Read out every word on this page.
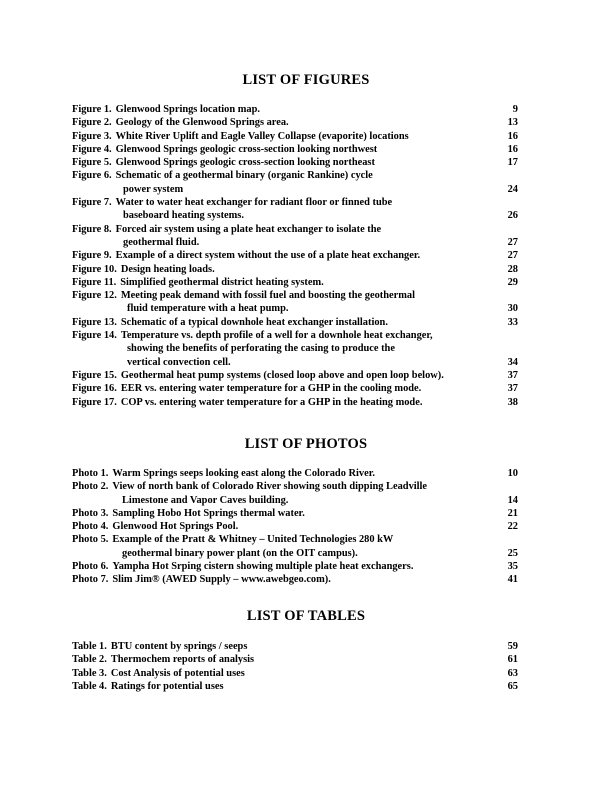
LIST OF FIGURES
Figure 1. Glenwood Springs location map.	9
Figure 2. Geology of the Glenwood Springs area.	13
Figure 3. White River Uplift and Eagle Valley Collapse (evaporite) locations	16
Figure 4. Glenwood Springs geologic cross-section looking northwest	16
Figure 5. Glenwood Springs geologic cross-section looking northeast	17
Figure 6. Schematic of a geothermal binary (organic Rankine) cycle
power system	24
Figure 7. Water to water heat exchanger for radiant floor or finned tube
baseboard heating systems.	26
Figure 8. Forced air system using a plate heat exchanger to isolate the
geothermal fluid.	27
Figure 9. Example of a direct system without the use of a plate heat exchanger.	27
Figure 10. Design heating loads.	28
Figure 11. Simplified geothermal district heating system.	29
Figure 12. Meeting peak demand with fossil fuel and boosting the geothermal
fluid temperature with a heat pump.	30
Figure 13. Schematic of a typical downhole heat exchanger installation.	33
Figure 14. Temperature vs. depth profile of a well for a downhole heat exchanger,
showing the benefits of perforating the casing to produce the
vertical convection cell.	34
Figure 15. Geothermal heat pump systems (closed loop above and open loop below).	37
Figure 16. EER vs. entering water temperature for a GHP in the cooling mode.	37
Figure 17. COP vs. entering water temperature for a GHP in the heating mode.	38
LIST OF PHOTOS
Photo 1. Warm Springs seeps looking east along the Colorado River.	10
Photo 2. View of north bank of Colorado River showing south dipping Leadville
Limestone and Vapor Caves building.	14
Photo 3. Sampling Hobo Hot Springs thermal water.	21
Photo 4. Glenwood Hot Springs Pool.	22
Photo 5. Example of the Pratt & Whitney – United Technologies 280 kW
geothermal binary power plant (on the OIT campus).	25
Photo 6. Yampha Hot Srping cistern showing multiple plate heat exchangers.	35
Photo 7. Slim Jim® (AWED Supply – www.awebgeo.com).	41
LIST OF TABLES
Table 1. BTU content by springs / seeps	59
Table 2. Thermochem reports of analysis	61
Table 3. Cost Analysis of potential uses	63
Table 4. Ratings for potential uses	65
